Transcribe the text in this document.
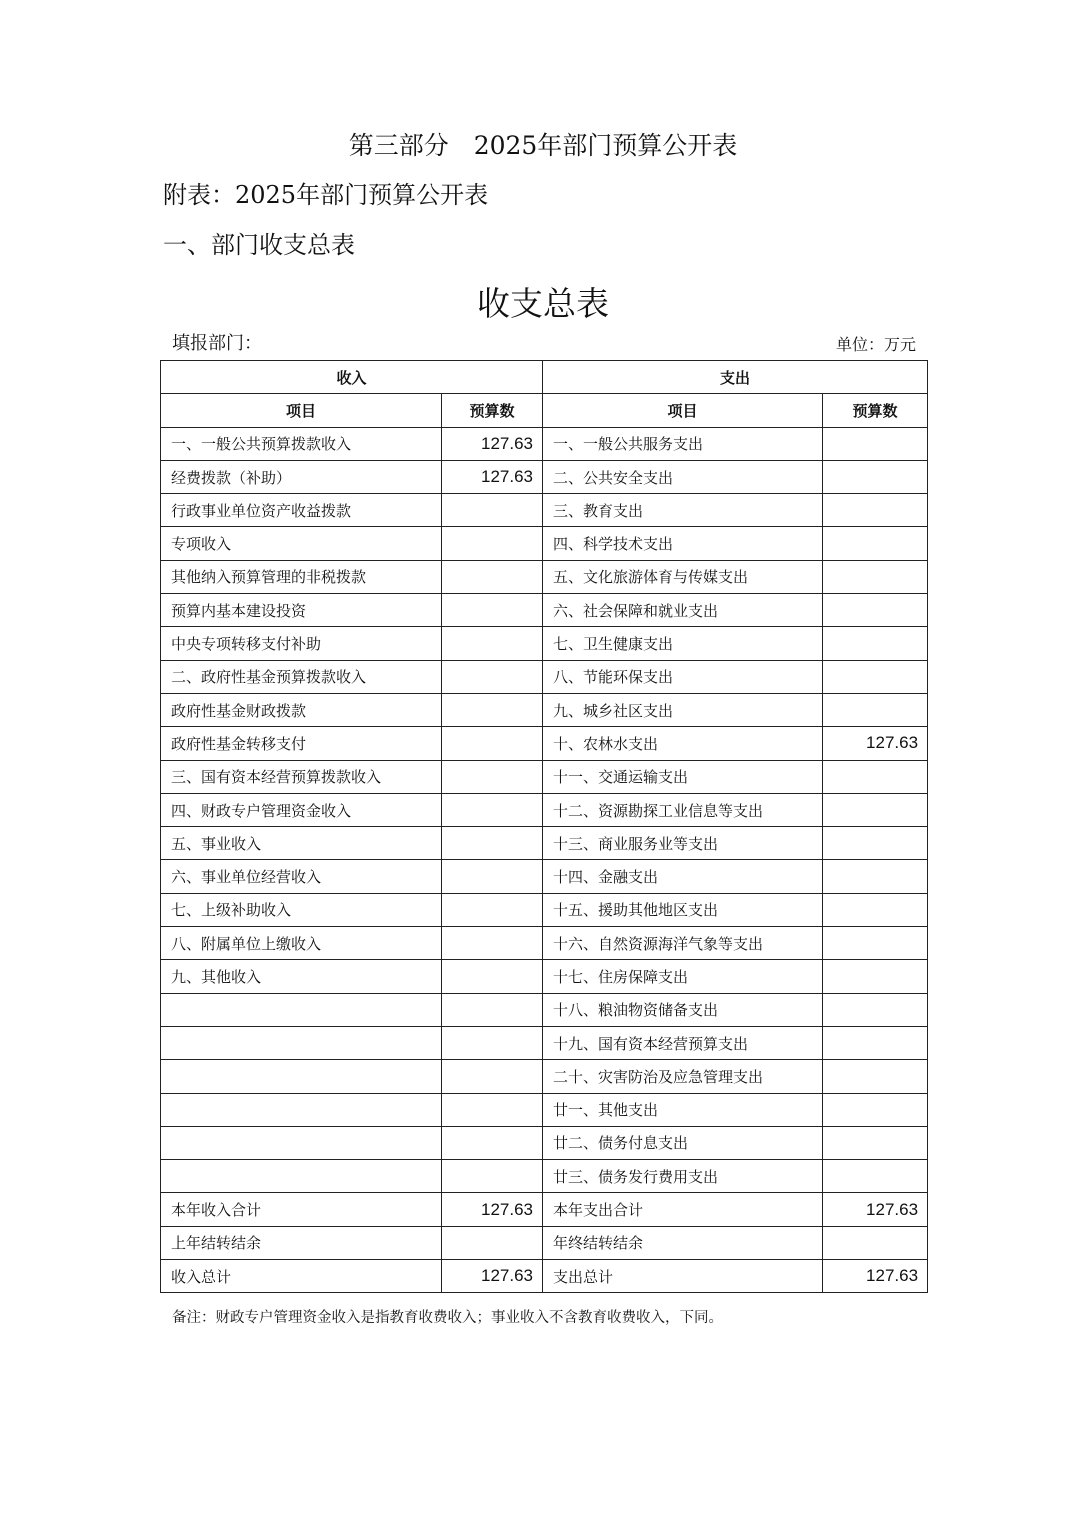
第三部分　2025年部门预算公开表
附表：2025年部门预算公开表
一、部门收支总表
收支总表
填报部门：	单位：万元
收入		支出	
项目	预算数	项目	预算数
一、一般公共预算拨款收入	127.63	一、一般公共服务支出	
经费拨款（补助）	127.63	二、公共安全支出	
行政事业单位资产收益拨款		三、教育支出	
专项收入		四、科学技术支出	
其他纳入预算管理的非税拨款		五、文化旅游体育与传媒支出	
预算内基本建设投资		六、社会保障和就业支出	
中央专项转移支付补助		七、卫生健康支出	
二、政府性基金预算拨款收入		八、节能环保支出	
政府性基金财政拨款		九、城乡社区支出	
政府性基金转移支付		十、农林水支出	127.63
三、国有资本经营预算拨款收入		十一、交通运输支出	
四、财政专户管理资金收入		十二、资源勘探工业信息等支出	
五、事业收入		十三、商业服务业等支出	
六、事业单位经营收入		十四、金融支出	
七、上级补助收入		十五、援助其他地区支出	
八、附属单位上缴收入		十六、自然资源海洋气象等支出	
九、其他收入		十七、住房保障支出	
		十八、粮油物资储备支出	
		十九、国有资本经营预算支出	
		二十、灾害防治及应急管理支出	
		廿一、其他支出	
		廿二、债务付息支出	
		廿三、债务发行费用支出	
本年收入合计	127.63	本年支出合计	127.63
上年结转结余		年终结转结余	
收入总计	127.63	支出总计	127.63
备注：财政专户管理资金收入是指教育收费收入；事业收入不含教育收费收入，下同。
